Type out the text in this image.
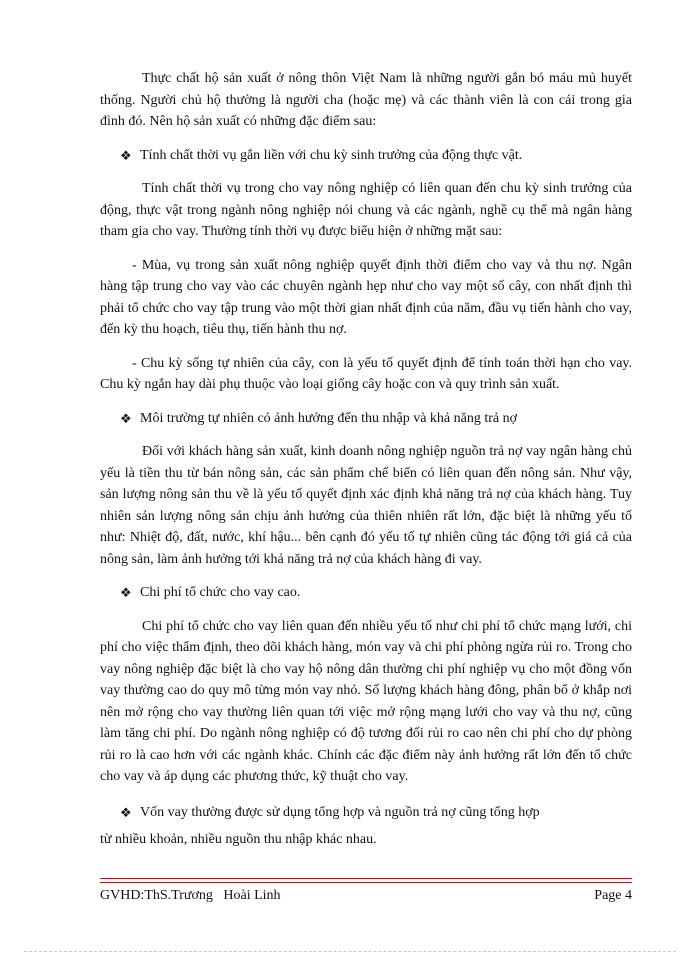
Thực chất hộ sản xuất ở nông thôn Việt Nam là những người gắn bó máu mủ huyết thống. Người chủ hộ thường là người cha (hoặc mẹ) và các thành viên là con cái trong gia đình đó. Nên hộ sản xuất có những đặc điểm sau:

❖ Tính chất thời vụ gắn liền với chu kỳ sinh trưởng của động thực vật.

Tính chất thời vụ trong cho vay nông nghiệp có liên quan đến chu kỳ sinh trưởng của động, thực vật trong ngành nông nghiệp nói chung và các ngành, nghề cụ thể mà ngân hàng tham gia cho vay. Thường tính thời vụ được biểu hiện ở những mặt sau:

- Mùa, vụ trong sản xuất nông nghiệp quyết định thời điểm cho vay và thu nợ. Ngân hàng tập trung cho vay vào các chuyên ngành hẹp như cho vay một số cây, con nhất định thì phải tổ chức cho vay tập trung vào một thời gian nhất định của năm, đầu vụ tiến hành cho vay, đến kỳ thu hoạch, tiêu thụ, tiến hành thu nợ.

- Chu kỳ sống tự nhiên của cây, con là yếu tố quyết định để tính toán thời hạn cho vay. Chu kỳ ngắn hay dài phụ thuộc vào loại giống cây hoặc con và quy trình sản xuất.

❖ Môi trường tự nhiên có ảnh hưởng đến thu nhập và khả năng trả nợ

Đối với khách hàng sản xuất, kinh doanh nông nghiệp nguồn trả nợ vay ngân hàng chủ yếu là tiền thu từ bán nông sản, các sản phẩm chế biến có liên quan đến nông sản. Như vậy, sản lượng nông sản thu về là yếu tố quyết định xác định khả năng trả nợ của khách hàng. Tuy nhiên sản lượng nông sản chịu ảnh hưởng của thiên nhiên rất lớn, đặc biệt là những yếu tố như: Nhiệt độ, đất, nước, khí hậu... bên cạnh đó yếu tố tự nhiên cũng tác động tới giá cả của nông sản, làm ảnh hưởng tới khả năng trả nợ của khách hàng đi vay.

❖ Chi phí tổ chức cho vay cao.

Chi phí tổ chức cho vay liên quan đến nhiều yếu tố như chi phí tổ chức mạng lưới, chi phí cho việc thẩm định, theo dõi khách hàng, món vay và chi phí phòng ngừa rủi ro. Trong cho vay nông nghiệp đặc biệt là cho vay hộ nông dân thường chi phí nghiệp vụ cho một đồng vốn vay thường cao do quy mô từng món vay nhỏ. Số lượng khách hàng đông, phân bổ ở khắp nơi nên mở rộng cho vay thường liên quan tới việc mở rộng mạng lưới cho vay và thu nợ, cũng làm tăng chi phí. Do ngành nông nghiệp có độ tương đối rủi ro cao nên chi phí cho dự phòng rủi ro là cao hơn với các ngành khác. Chính các đặc điểm này ảnh hưởng rất lớn đến tổ chức cho vay và áp dụng các phương thức, kỹ thuật cho vay.

❖ Vốn vay thường được sử dụng tổng hợp và nguồn trả nợ cũng tổng hợp

từ nhiều khoản, nhiều nguồn thu nhập khác nhau.

GVHD:ThS.Trương   Hoài Linh	Page 4
